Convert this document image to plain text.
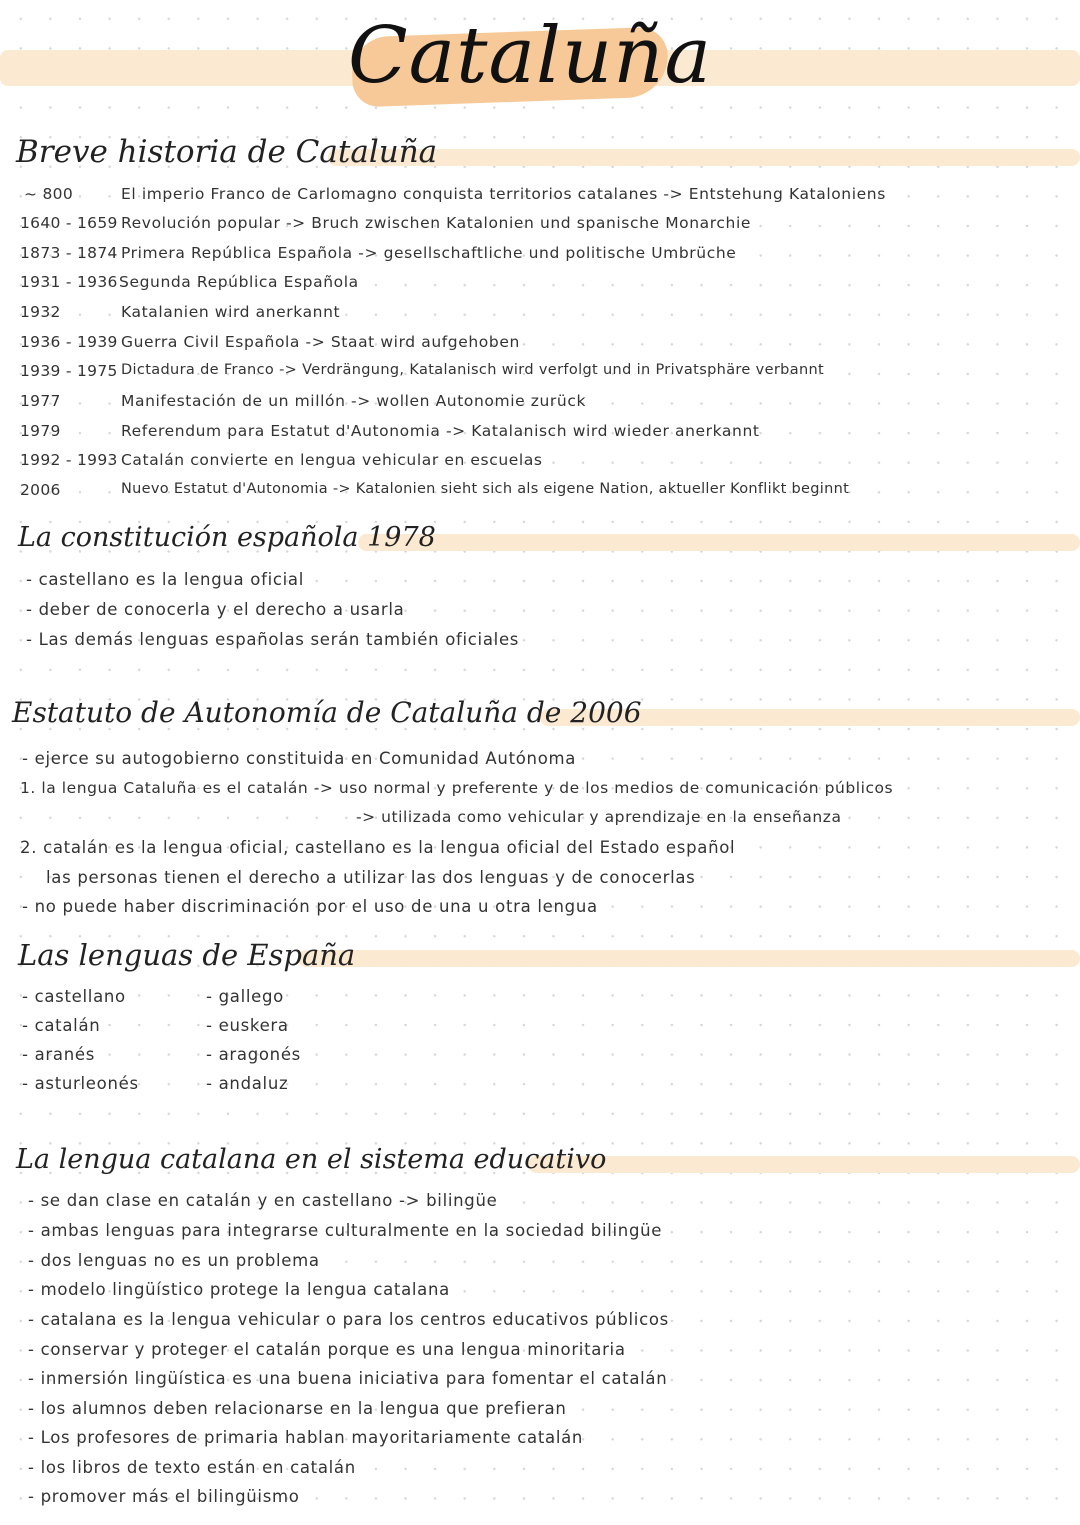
Cataluña
Breve historia de Cataluña
~ 800	El imperio Franco de Carlomagno conquista territorios catalanes -> Entstehung Kataloniens
1640 - 1659 Revolución popular -> Bruch zwischen Katalonien und spanische Monarchie
1873 - 1874 Primera República Española -> gesellschaftliche und politische Umbrüche
1931 - 1936 Segunda República Española
1932	Katalanien wird anerkannt
1936 - 1939 Guerra Civil Española -> Staat wird aufgehoben
1939 - 1975 Dictadura de Franco -> Verdrängung, Katalanisch wird verfolgt und in Privatsphäre verbannt
1977	Manifestación de un millón -> wollen Autonomie zurück
1979	Referendum para Estatut d'Autonomia -> Katalanisch wird wieder anerkannt
1992 - 1993 Catalán convierte en lengua vehicular en escuelas
2006	Nuevo Estatut d'Autonomia -> Katalonien sieht sich als eigene Nation, aktueller Konflikt beginnt
La constitución española 1978
- castellano es la lengua oficial
- deber de conocerla y el derecho a usarla
- Las demás lenguas españolas serán también oficiales
Estatuto de Autonomía de Cataluña de 2006
- ejerce su autogobierno constituida en Comunidad Autónoma
1. la lengua Cataluña es el catalán -> uso normal y preferente y de los medios de comunicación públicos
-> utilizada como vehicular y aprendizaje en la enseñanza
2. catalán es la lengua oficial, castellano es la lengua oficial del Estado español
las personas tienen el derecho a utilizar las dos lenguas y de conocerlas
- no puede haber discriminación por el uso de una u otra lengua
Las lenguas de España
- castellano
- catalán
- aranés
- asturleonés
- gallego
- euskera
- aragonés
- andaluz
La lengua catalana en el sistema educativo
- se dan clase en catalán y en castellano -> bilingüe
- ambas lenguas para integrarse culturalmente en la sociedad bilingüe
- dos lenguas no es un problema
- modelo lingüístico protege la lengua catalana
- catalana es la lengua vehicular o para los centros educativos públicos
- conservar y proteger el catalán porque es una lengua minoritaria
- inmersión lingüística es una buena iniciativa para fomentar el catalán
- los alumnos deben relacionarse en la lengua que prefieran
- Los profesores de primaria hablan mayoritariamente catalán
- los libros de texto están en catalán
- promover más el bilingüismo
